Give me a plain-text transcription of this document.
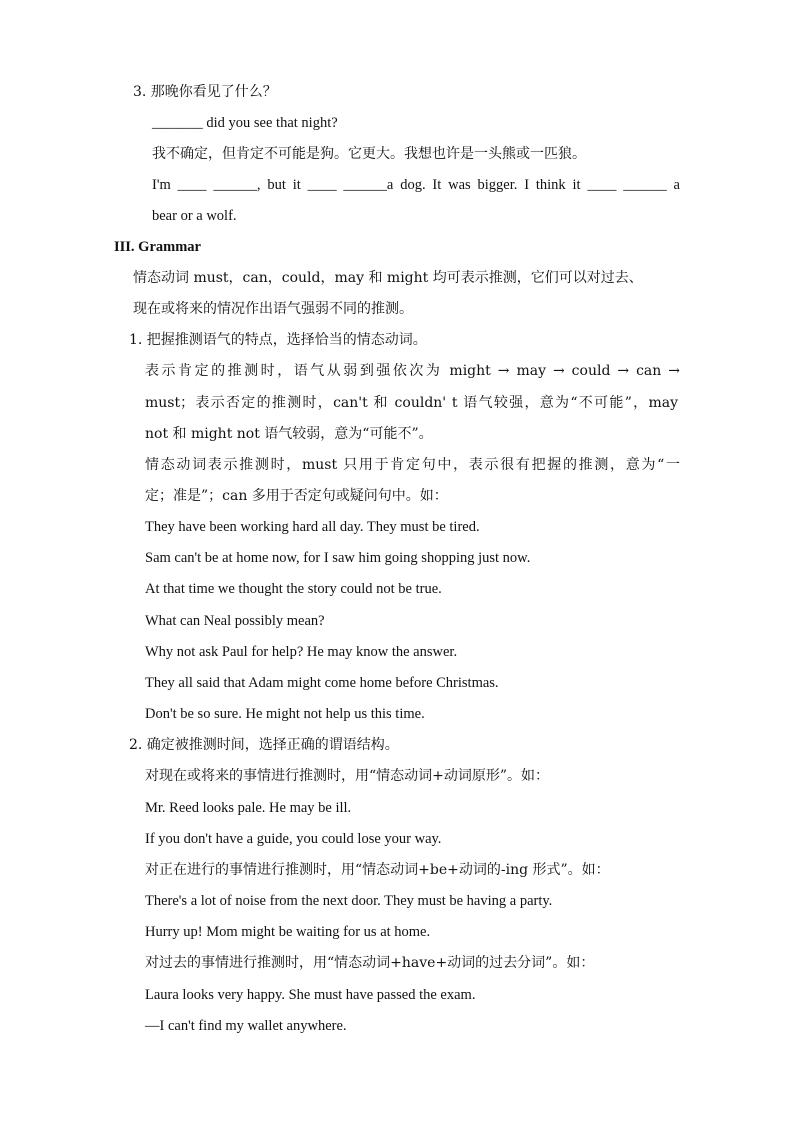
3. 那晚你看见了什么？
_______ did you see that night?
我不确定，但肯定不可能是狗。它更大。我想也许是一头熊或一匹狼。
I'm ____ ______, but it ____ ______a dog. It was bigger. I think it ____ ______ a
bear or a wolf.
III. Grammar
情态动词 must，can，could，may 和 might 均可表示推测，它们可以对过去、
现在或将来的情况作出语气强弱不同的推测。
1. 把握推测语气的特点，选择恰当的情态动词。
表示肯定的推测时，语气从弱到强依次为 might → may → could → can →
must；表示否定的推测时，can't 和 couldn' t 语气较强，意为“不可能”，may
not 和 might not 语气较弱，意为“可能不”。
情态动词表示推测时，must 只用于肯定句中，表示很有把握的推测，意为“一
定；准是”；can 多用于否定句或疑问句中。如：
They have been working hard all day. They must be tired.
Sam can't be at home now, for I saw him going shopping just now.
At that time we thought the story could not be true.
What can Neal possibly mean?
Why not ask Paul for help? He may know the answer.
They all said that Adam might come home before Christmas.
Don't be so sure. He might not help us this time.
2. 确定被推测时间，选择正确的谓语结构。
对现在或将来的事情进行推测时，用“情态动词+动词原形”。如：
Mr. Reed looks pale. He may be ill.
If you don't have a guide, you could lose your way.
对正在进行的事情进行推测时，用“情态动词+be+动词的-ing 形式”。如：
There's a lot of noise from the next door. They must be having a party.
Hurry up! Mom might be waiting for us at home.
对过去的事情进行推测时，用“情态动词+have+动词的过去分词”。如：
Laura looks very happy. She must have passed the exam.
—I can't find my wallet anywhere.
